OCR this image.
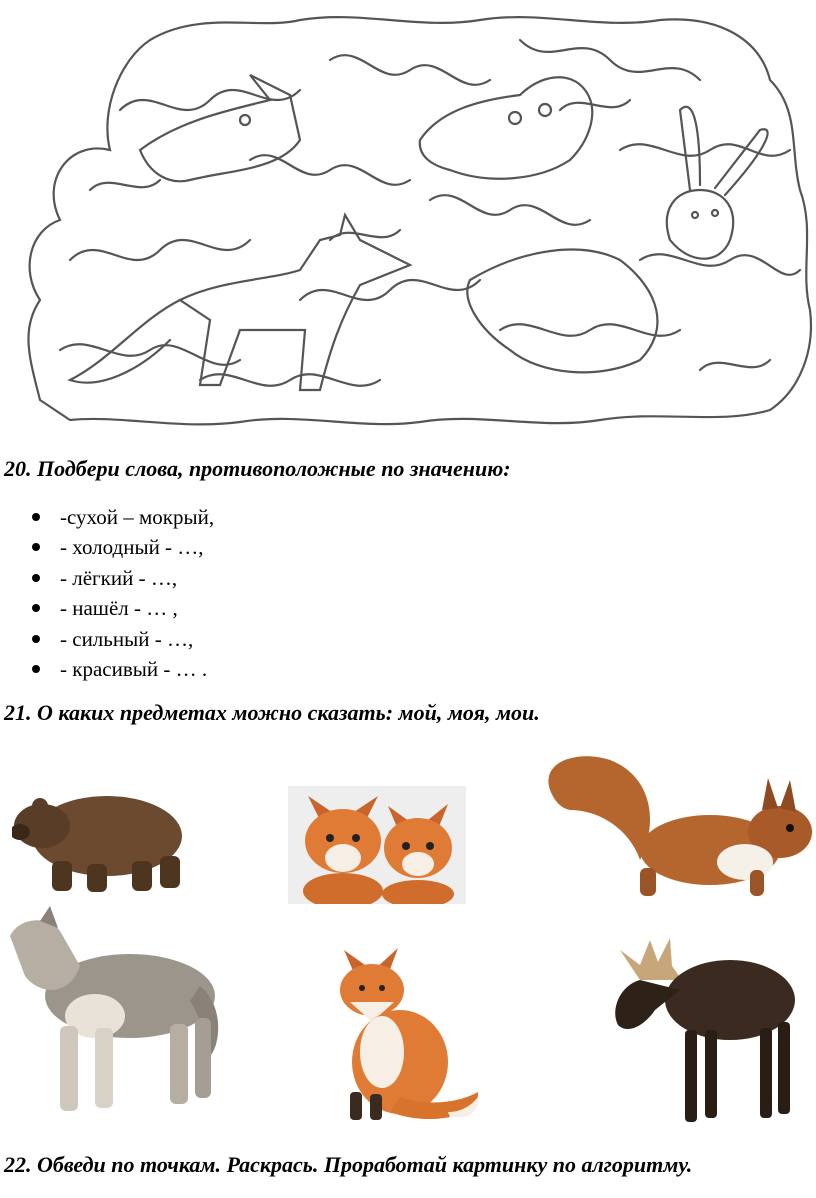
20. Подбери слова, противоположные по значению:
-сухой – мокрый,
- холодный - …,
- лёгкий - …,
- нашёл - … ,
- сильный - …,
- красивый - … .
21. О каких предметах можно сказать: мой, моя, мои.
22. Обведи по точкам. Раскрась. Проработай картинку по алгоритму.
